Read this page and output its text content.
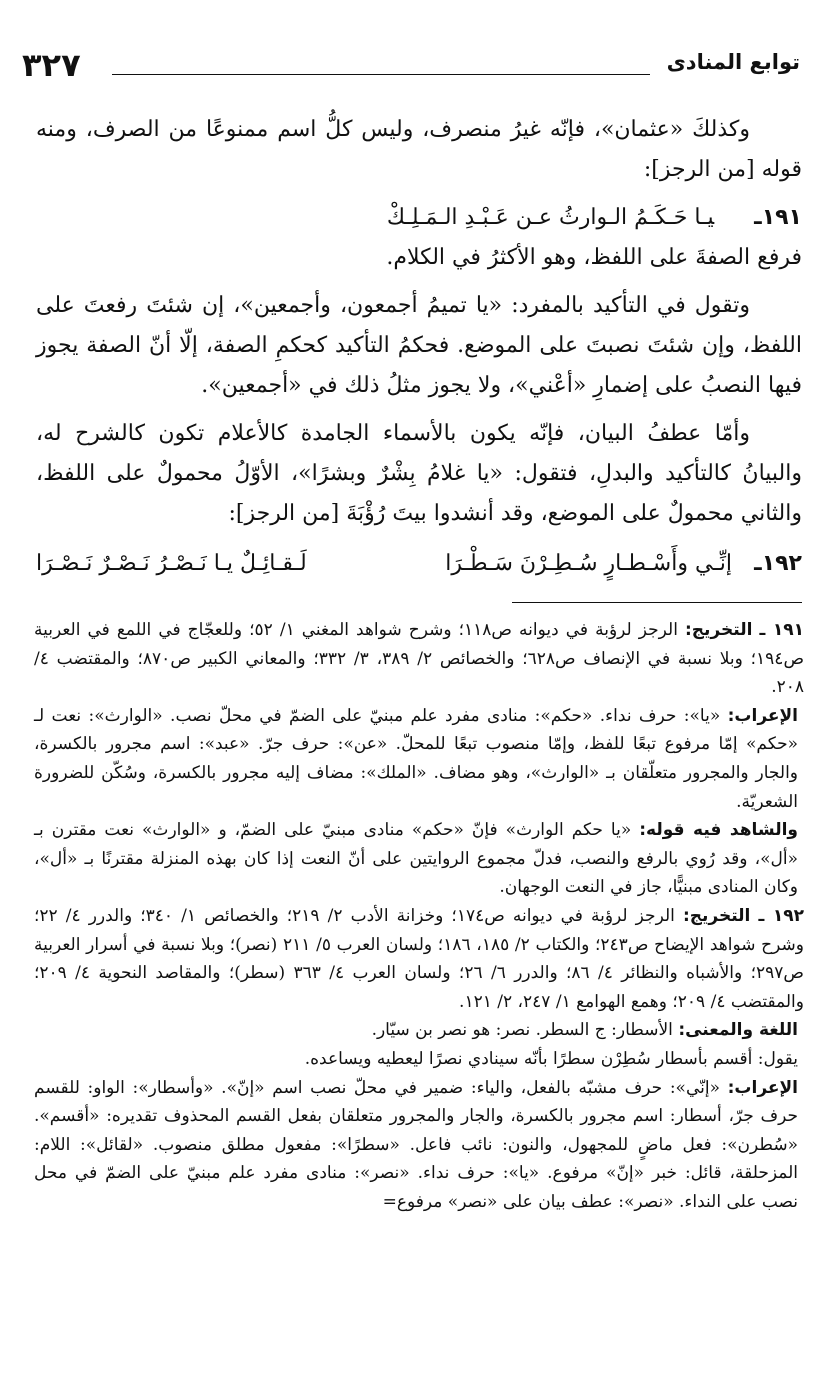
توابع المنادى
٣٢٧

وكذلكَ «عثمان»، فإنّه غيرُ منصرف، وليس كلُّ اسم ممنوعًا من الصرف، ومنه قوله [من الرجز]:

١٩١ـيـا حَـكَـمُ الـوارثُ عـن عَـبْـدِ الـمَـلِـكْ

فرفع الصفةَ على اللفظ، وهو الأكثرُ في الكلام.

وتقول في التأكيد بالمفرد: «يا تميمُ أجمعون، وأجمعين»، إن شئتَ رفعتَ على اللفظ، وإن شئتَ نصبتَ على الموضع. فحكمُ التأكيد كحكمِ الصفة، إلّا أنّ الصفة يجوز فيها النصبُ على إضمارِ «أعْني»، ولا يجوز مثلُ ذلك في «أجمعين».

وأمّا عطفُ البيان، فإنّه يكون بالأسماء الجامدة كالأعلام تكون كالشرح له، والبيانُ كالتأكيد والبدلِ، فتقول: «يا غلامُ بِشْرٌ وبشرًا»، الأوّلُ محمولٌ على اللفظ، والثاني محمولٌ على الموضع، وقد أنشدوا بيتَ رُؤْبَةَ [من الرجز]:

١٩٢ـ
إنِّـي وأَسْـطـارٍ سُـطِـرْنَ سَـطْـرَا
لَـقـائِـلٌ يـا نَـصْـرُ نَـصْـرٌ نَـصْـرَا

١٩١ ـ التخريج: الرجز لرؤبة في ديوانه ص١١٨؛ وشرح شواهد المغني ١/ ٥٢؛ وللعجّاج في اللمع في العربية ص١٩٤؛ وبلا نسبة في الإنصاف ص٦٢٨؛ والخصائص ٢/ ٣٨٩، ٣/ ٣٣٢؛ والمعاني الكبير ص٨٧٠؛ والمقتضب ٤/ ٢٠٨.

الإعراب: «يا»: حرف نداء. «حكم»: منادى مفرد علم مبنيّ على الضمّ في محلّ نصب. «الوارث»: نعت لـ «حكم» إمّا مرفوع تبعًا للفظ، وإمّا منصوب تبعًا للمحلّ. «عن»: حرف جرّ. «عبد»: اسم مجرور بالكسرة، والجار والمجرور متعلّقان بـ «الوارث»، وهو مضاف. «الملك»: مضاف إليه مجرور بالكسرة، وسُكّن للضرورة الشعريّة.

والشاهد فيه قوله: «يا حكم الوارث» فإنّ «حكم» منادى مبنيّ على الضمّ، و «الوارث» نعت مقترن بـ «أل»، وقد رُوي بالرفع والنصب، فدلّ مجموع الروايتين على أنّ النعت إذا كان بهذه المنزلة مقترنًا بـ «أل»، وكان المنادى مبنيًّا، جاز في النعت الوجهان.

١٩٢ ـ التخريج: الرجز لرؤبة في ديوانه ص١٧٤؛ وخزانة الأدب ٢/ ٢١٩؛ والخصائص ١/ ٣٤٠؛ والدرر ٤/ ٢٢؛ وشرح شواهد الإيضاح ص٢٤٣؛ والكتاب ٢/ ١٨٥، ١٨٦؛ ولسان العرب ٥/ ٢١١ (نصر)؛ وبلا نسبة في أسرار العربية ص٢٩٧؛ والأشباه والنظائر ٤/ ٨٦؛ والدرر ٦/ ٢٦؛ ولسان العرب ٤/ ٣٦٣ (سطر)؛ والمقاصد النحوية ٤/ ٢٠٩؛ والمقتضب ٤/ ٢٠٩؛ وهمع الهوامع ١/ ٢٤٧، ٢/ ١٢١.

اللغة والمعنى: الأسطار: ج السطر. نصر: هو نصر بن سيّار.

يقول: أقسم بأسطار سُطِرْن سطرًا بأنّه سينادي نصرًا ليعطيه ويساعده.

الإعراب: «إنّي»: حرف مشبّه بالفعل، والياء: ضمير في محلّ نصب اسم «إنّ». «وأسطار»: الواو: للقسم حرف جرّ، أسطار: اسم مجرور بالكسرة، والجار والمجرور متعلقان بفعل القسم المحذوف تقديره: «أقسم». «سُطرن»: فعل ماضٍ للمجهول، والنون: نائب فاعل. «سطرًا»: مفعول مطلق منصوب. «لقائل»: اللام: المزحلقة، قائل: خبر «إنّ» مرفوع. «يا»: حرف نداء. «نصر»: منادى مفرد علم مبنيّ على الضمّ في محل نصب على النداء. «نصر»: عطف بيان على «نصر» مرفوع=
